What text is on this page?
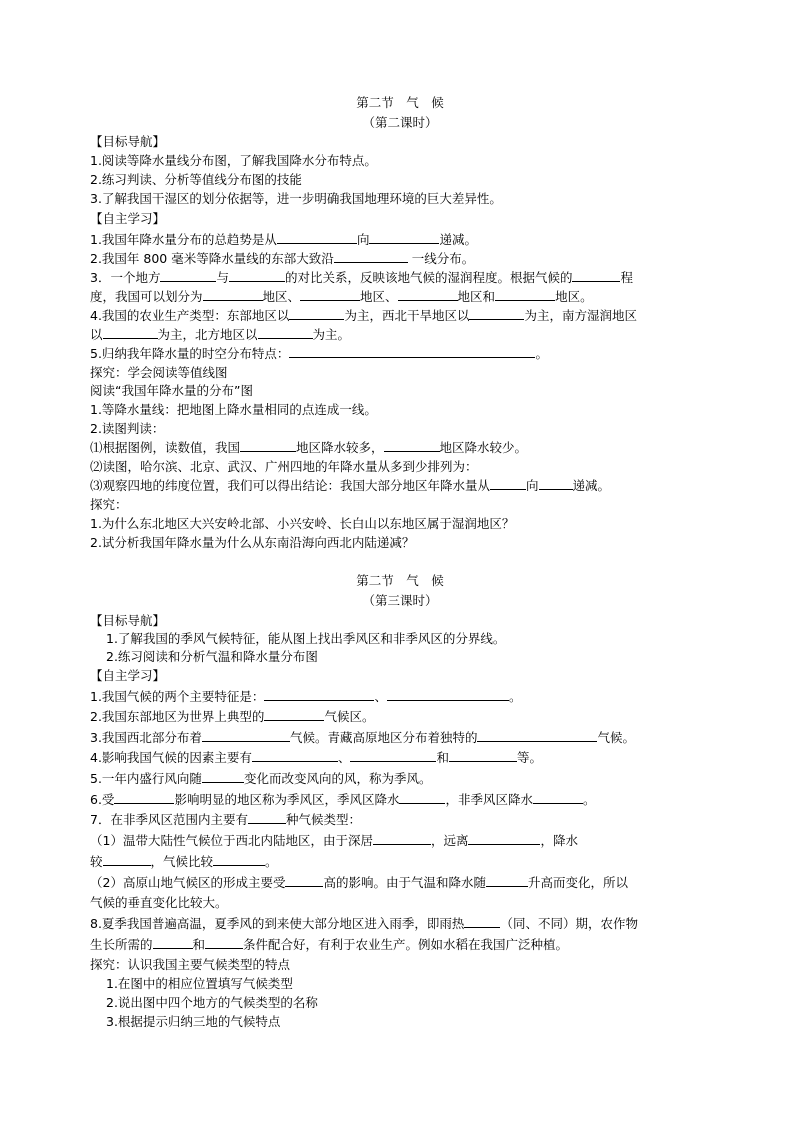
第二节　气　候
（第二课时）
【目标导航】
1.阅读等降水量线分布图，了解我国降水分布特点。
2.练习判读、分析等值线分布图的技能
3.了解我国干湿区的划分依据等，进一步明确我国地理环境的巨大差异性。
【自主学习】
1.我国年降水量分布的总趋势是从	向	递减。
2.我国年 800 毫米等降水量线的东部大致沿	一线分布。
3．一个地方	与	的对比关系，反映该地气候的湿润程度。根据气候的	程
度，我国可以划分为	地区、	地区、	地区和	地区。
4.我国的农业生产类型：东部地区以	为主，西北干旱地区以	为主，南方湿润地区
以	为主，北方地区以	为主。
5.归纳我年降水量的时空分布特点：	。
探究：学会阅读等值线图
阅读“我国年降水量的分布”图
1.等降水量线：把地图上降水量相同的点连成一线。
2.读图判读：
⑴根据图例，读数值，我国	地区降水较多，	地区降水较少。
⑵读图，哈尔滨、北京、武汉、广州四地的年降水量从多到少排列为：
⑶观察四地的纬度位置，我们可以得出结论：我国大部分地区年降水量从	向	递减。
探究：
1.为什么东北地区大兴安岭北部、小兴安岭、长白山以东地区属于湿润地区？
2.试分析我国年降水量为什么从东南沿海向西北内陆递减？
第二节　气　候
（第三课时）
【目标导航】
1.了解我国的季风气候特征，能从图上找出季风区和非季风区的分界线。
2.练习阅读和分析气温和降水量分布图
【自主学习】
1.我国气候的两个主要特征是：	、	。
2.我国东部地区为世界上典型的	气候区。
3.我国西北部分布着	气候。青藏高原地区分布着独特的	气候。
4.影响我国气候的因素主要有	、	和	等。
5.一年内盛行风向随	变化而改变风向的风，称为季风。
6.受	影响明显的地区称为季风区，季风区降水	，非季风区降水	。
7．在非季风区范围内主要有	种气候类型：
（1）温带大陆性气候位于西北内陆地区，由于深居	，远离	，降水
较	，气候比较	。
（2）高原山地气候区的形成主要受	高的影响。由于气温和降水随	升高而变化，所以
气候的垂直变化比较大。
8.夏季我国普遍高温，夏季风的到来使大部分地区进入雨季，即雨热	（同、不同）期，农作物
生长所需的	和	条件配合好，有利于农业生产。例如水稻在我国广泛种植。
探究：认识我国主要气候类型的特点
1.在图中的相应位置填写气候类型
2.说出图中四个地方的气候类型的名称
3.根据提示归纳三地的气候特点
